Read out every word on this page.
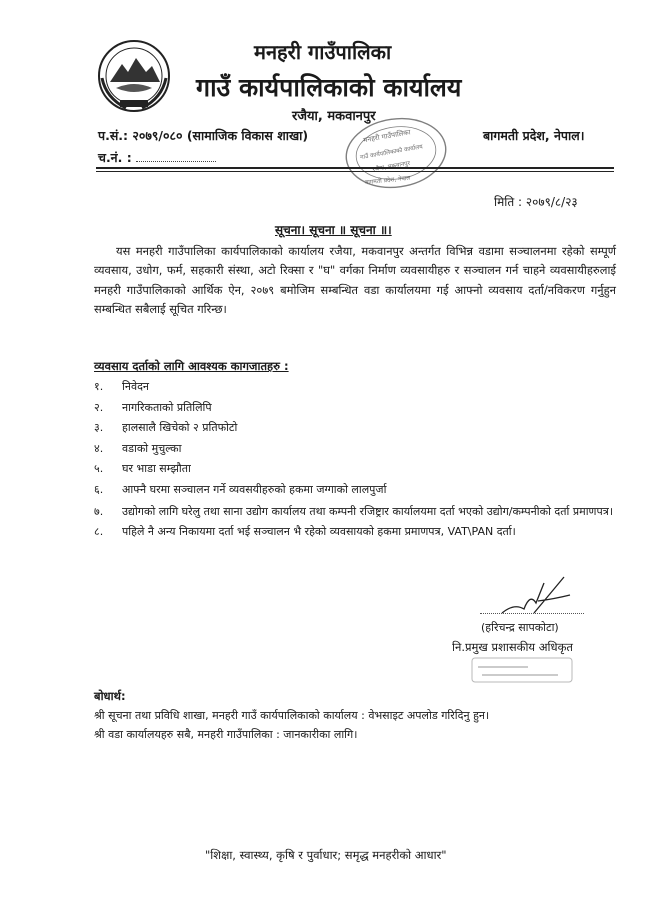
मनहरी गाउँपालिका
गाउँ कार्यपालिकाको कार्यालय
रजैया, मकवानपुर
प.सं.: २०७९/०८० (सामाजिक विकास शाखा)
च.नं. :
बागमती प्रदेश, नेपाल।
मनहरी गाउँपालिका
गाउँ कार्यपालिकाको कार्यालय
रजैया, मकवानपुर
बागमती प्रदेश, नेपाल
मिति : २०७९/८/२३
सूचना। सूचना ॥ सूचना ॥।
यस मनहरी गाउँपालिका कार्यपालिकाको कार्यालय रजैया, मकवानपुर अन्तर्गत विभिन्न वडामा सञ्चालनमा रहेको सम्पूर्ण व्यवसाय, उधोग, फर्म, सहकारी संस्था, अटो रिक्सा र "घ" वर्गका निर्माण व्यवसायीहरु र सञ्चालन गर्न चाहने व्यवसायीहरुलाई मनहरी गाउँपालिकाको आर्थिक ऐन, २०७९ बमोजिम सम्बन्धित वडा कार्यालयमा गई आफ्नो व्यवसाय दर्ता/नविकरण गर्नुहुन सम्बन्धित सबैलाई सूचित गरिन्छ।
व्यवसाय दर्ताको लागि आवश्यक कागजातहरु :
१.	निवेदन
२.	नागरिकताको प्रतिलिपि
३.	हालसालै खिचेको २ प्रतिफोटो
४.	वडाको मुचुल्का
५.	घर भाडा सम्झौता
६.	आफ्नै घरमा सञ्चालन गर्ने व्यवसयीहरुको हकमा जग्गाको लालपुर्जा
७.	उद्योगको लागि घरेलु तथा साना उद्योग कार्यालय तथा कम्पनी रजिष्ट्रार कार्यालयमा दर्ता भएको उद्योग/कम्पनीको दर्ता प्रमाणपत्र।
८.	पहिले नै अन्य निकायमा दर्ता भई सञ्चालन भै रहेको व्यवसायको हकमा प्रमाणपत्र, VAT\PAN दर्ता।
(हरिचन्द्र सापकोटा)
नि.प्रमुख प्रशासकीय अधिकृत
बोधार्थ:
श्री सूचना तथा प्रविधि शाखा, मनहरी गाउँ कार्यपालिकाको कार्यालय : वेभसाइट अपलोड गरिदिनु हुन।
श्री वडा कार्यालयहरु सबै, मनहरी गाउँपालिका : जानकारीका लागि।
"शिक्षा, स्वास्थ्य, कृषि र पुर्वाधार; समृद्ध मनहरीको आधार"
